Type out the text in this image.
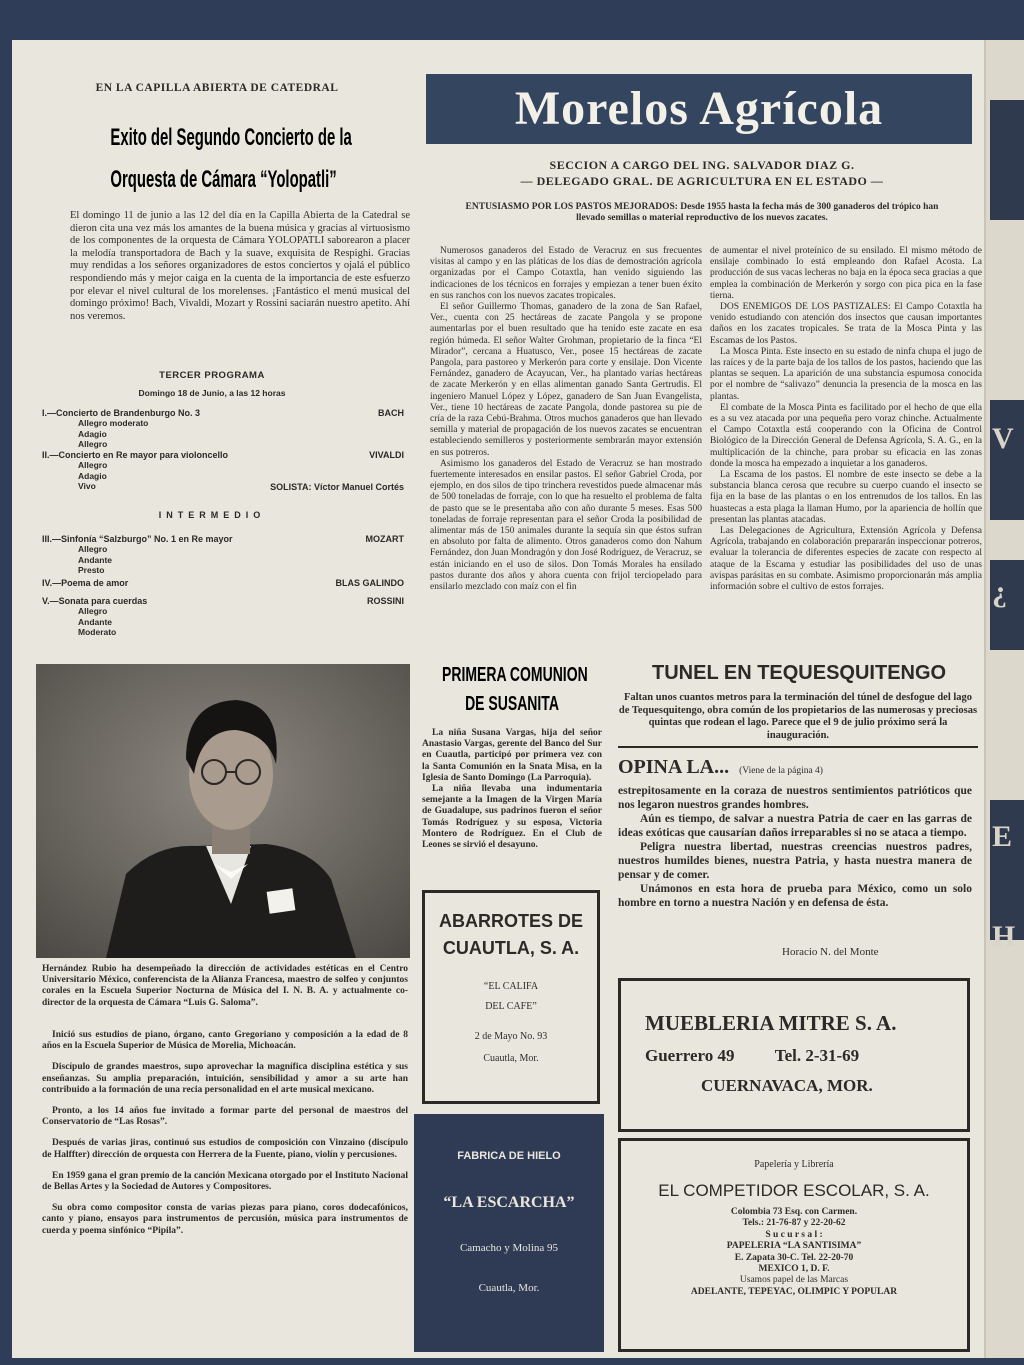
V
¿
E
H
EN LA CAPILLA ABIERTA DE CATEDRAL
Exito del Segundo Concierto de la
Orquesta de Cámara “Yolopatli”
El domingo 11 de junio a las 12 del día en la Capilla Abierta de la Catedral se dieron cita una vez más los amantes de la buena música y gracias al virtuosismo de los componentes de la orquesta de Cámara YOLOPATLI saborearon a placer la melodía transportadora de Bach y la suave, exquisita de Respighi. Gracias muy rendidas a los señores organizadores de estos conciertos y ojalá el público respondiendo más y mejor caiga en la cuenta de la importancia de este esfuerzo por elevar el nivel cultural de los morelenses. ¡Fantástico el menú musical del domingo próximo! Bach, Vivaldi, Mozart y Rossini saciarán nuestro apetito. Ahí nos veremos.
TERCER PROGRAMA
Domingo 18 de Junio, a las 12 horas
I.—Concierto de Brandenburgo No. 3	BACH
Allegro moderato
Adagio
Allegro
II.—Concierto en Re mayor para violoncello	VIVALDI
Allegro
Adagio
Vivo	SOLISTA: Víctor Manuel Cortés
INTERMEDIO
III.—Sinfonía “Salzburgo” No. 1 en Re mayor	MOZART
Allegro
Andante
Presto
IV.—Poema de amor	BLAS GALINDO
V.—Sonata para cuerdas	ROSSINI
Allegro
Andante
Moderato
Hernández Rubio ha desempeñado la dirección de actividades estéticas en el Centro Universitario México, conferencista de la Alianza Francesa, maestro de solfeo y conjuntos corales en la Escuela Superior Nocturna de Música del I. N. B. A. y actualmente co-director de la orquesta de Cámara “Luis G. Saloma”.

Inició sus estudios de piano, órgano, canto Gregoriano y composición a la edad de 8 años en la Escuela Superior de Música de Morelia, Michoacán.

Discípulo de grandes maestros, supo aprovechar la magnífica disciplina estética y sus enseñanzas. Su amplia preparación, intuición, sensibilidad y amor a su arte han contribuido a la formación de una recia personalidad en el arte musical mexicano.

Pronto, a los 14 años fue invitado a formar parte del personal de maestros del Conservatorio de “Las Rosas”.

Después de varias jiras, continuó sus estudios de composición con Vinzaino (discípulo de Halffter) dirección de orquesta con Herrera de la Fuente, piano, violín y percusiones.

En 1959 gana el gran premio de la canción Mexicana otorgado por el Instituto Nacional de Bellas Artes y la Sociedad de Autores y Compositores.

Su obra como compositor consta de varias piezas para piano, coros dodecafónicos, canto y piano, ensayos para instrumentos de percusión, música para instrumentos de cuerda y poema sinfónico “Pipila”.

Morelos Agrícola
SECCION A CARGO DEL ING. SALVADOR DIAZ G.
— DELEGADO GRAL. DE AGRICULTURA EN EL ESTADO —
ENTUSIASMO POR LOS PASTOS MEJORADOS: Desde 1955 hasta la fecha más de 300 ganaderos del trópico han llevado semillas o material reproductivo de los nuevos zacates.

Numerosos ganaderos del Estado de Veracruz en sus frecuentes visitas al campo y en las pláticas de los días de demostración agrícola organizadas por el Campo Cotaxtla, han venido siguiendo las indicaciones de los técnicos en forrajes y empiezan a tener buen éxito en sus ranchos con los nuevos zacates tropicales.

El señor Guillermo Thomas, ganadero de la zona de San Rafael, Ver., cuenta con 25 hectáreas de zacate Pangola y se propone aumentarlas por el buen resultado que ha tenido este zacate en esa región húmeda. El señor Walter Grohman, propietario de la finca “El Mirador”, cercana a Huatusco, Ver., posee 15 hectáreas de zacate Pangola, para pastoreo y Merkerón para corte y ensilaje. Don Vicente Fernández, ganadero de Acayucan, Ver., ha plantado varias hectáreas de zacate Merkerón y en ellas alimentan ganado Santa Gertrudis. El ingeniero Manuel López y López, ganadero de San Juan Evangelista, Ver., tiene 10 hectáreas de zacate Pangola, donde pastorea su pie de cría de la raza Cebú-Brahma. Otros muchos ganaderos que han llevado semilla y material de propagación de los nuevos zacates se encuentran estableciendo semilleros y posteriormente sembrarán mayor extensión en sus potreros.

Asimismo los ganaderos del Estado de Veracruz se han mostrado fuertemente interesados en ensilar pastos. El señor Gabriel Croda, por ejemplo, en dos silos de tipo trinchera revestidos puede almacenar más de 500 toneladas de forraje, con lo que ha resuelto el problema de falta de pasto que se le presentaba año con año durante 5 meses. Esas 500 toneladas de forraje representan para el señor Croda la posibilidad de alimentar más de 150 animales durante la sequía sin que éstos sufran en absoluto por falta de alimento. Otros ganaderos como don Nahum Fernández, don Juan Mondragón y don José Rodríguez, de Veracruz, se están iniciando en el uso de silos. Don Tomás Morales ha ensilado pastos durante dos años y ahora cuenta con frijol terciopelado para ensilarlo mezclado con maíz con el fin

de aumentar el nivel proteínico de su ensilado. El mismo método de ensilaje combinado lo está empleando don Rafael Acosta. La producción de sus vacas lecheras no baja en la época seca gracias a que emplea la combinación de Merkerón y sorgo con pica pica en la fase tierna.

DOS ENEMIGOS DE LOS PASTIZALES: El Campo Cotaxtla ha venido estudiando con atención dos insectos que causan importantes daños en los zacates tropicales. Se trata de la Mosca Pinta y las Escamas de los Pastos.

La Mosca Pinta. Este insecto en su estado de ninfa chupa el jugo de las raíces y de la parte baja de los tallos de los pastos, haciendo que las plantas se sequen. La aparición de una substancia espumosa conocida por el nombre de “salivazo” denuncia la presencia de la mosca en las plantas.

El combate de la Mosca Pinta es facilitado por el hecho de que ella es a su vez atacada por una pequeña pero voraz chinche. Actualmente el Campo Cotaxtla está cooperando con la Oficina de Control Biológico de la Dirección General de Defensa Agrícola, S. A. G., en la multiplicación de la chinche, para probar su eficacia en las zonas donde la mosca ha empezado a inquietar a los ganaderos.

La Escama de los pastos. El nombre de este insecto se debe a la substancia blanca cerosa que recubre su cuerpo cuando el insecto se fija en la base de las plantas o en los entrenudos de los tallos. En las huastecas a esta plaga la llaman Humo, por la apariencia de hollín que presentan las plantas atacadas.

Las Delegaciones de Agricultura, Extensión Agrícola y Defensa Agrícola, trabajando en colaboración prepararán inspeccionar potreros, evaluar la tolerancia de diferentes especies de zacate con respecto al ataque de la Escama y estudiar las posibilidades del uso de unas avispas parásitas en su combate. Asimismo proporcionarán más amplia información sobre el cultivo de estos forrajes.

PRIMERA COMUNION
DE SUSANITA

La niña Susana Vargas, hija del señor Anastasio Vargas, gerente del Banco del Sur en Cuautla, participó por primera vez con la Santa Comunión en la Snata Misa, en la Iglesia de Santo Domingo (La Parroquia).

La niña llevaba una indumentaria semejante a la Imagen de la Virgen María de Guadalupe, sus padrinos fueron el señor Tomás Rodríguez y su esposa, Victoria Montero de Rodríguez. En el Club de Leones se sirvió el desayuno.

TUNEL EN TEQUESQUITENGO
Faltan unos cuantos metros para la terminación del túnel de desfogue del lago de Tequesquitengo, obra común de los propietarios de las numerosas y preciosas quintas que rodean el lago. Parece que el 9 de julio próximo será la inauguración.
OPINA LA... (Viene de la página 4)

estrepitosamente en la coraza de nuestros sentimientos patrióticos que nos legaron nuestros grandes hombres.

Aún es tiempo, de salvar a nuestra Patria de caer en las garras de ideas exóticas que causarían daños irreparables si no se ataca a tiempo.

Peligra nuestra libertad, nuestras creencias nuestros padres, nuestros humildes bienes, nuestra Patria, y hasta nuestra manera de pensar y de comer.

Unámonos en esta hora de prueba para México, como un solo hombre en torno a nuestra Nación y en defensa de ésta.

Horacio N. del Monte
ABARROTES DE
CUAUTLA, S. A.
“EL CALIFA
DEL CAFE”
2 de Mayo No. 93
Cuautla, Mor.
MUEBLERIA MITRE S. A.
Guerrero 49 Tel. 2-31-69
CUERNAVACA, MOR.
FABRICA DE HIELO
“LA ESCARCHA”
Camacho y Molina 95
Cuautla, Mor.
Papelería y Librería
EL COMPETIDOR ESCOLAR, S. A.
Colombia 73 Esq. con Carmen.
Tels.: 21-76-87 y 22-20-62
S u c u r s a l :
PAPELERIA “LA SANTISIMA”
E. Zapata 30-C. Tel. 22-20-70
MEXICO 1, D. F.
Usamos papel de las Marcas
ADELANTE, TEPEYAC, OLIMPIC Y POPULAR
